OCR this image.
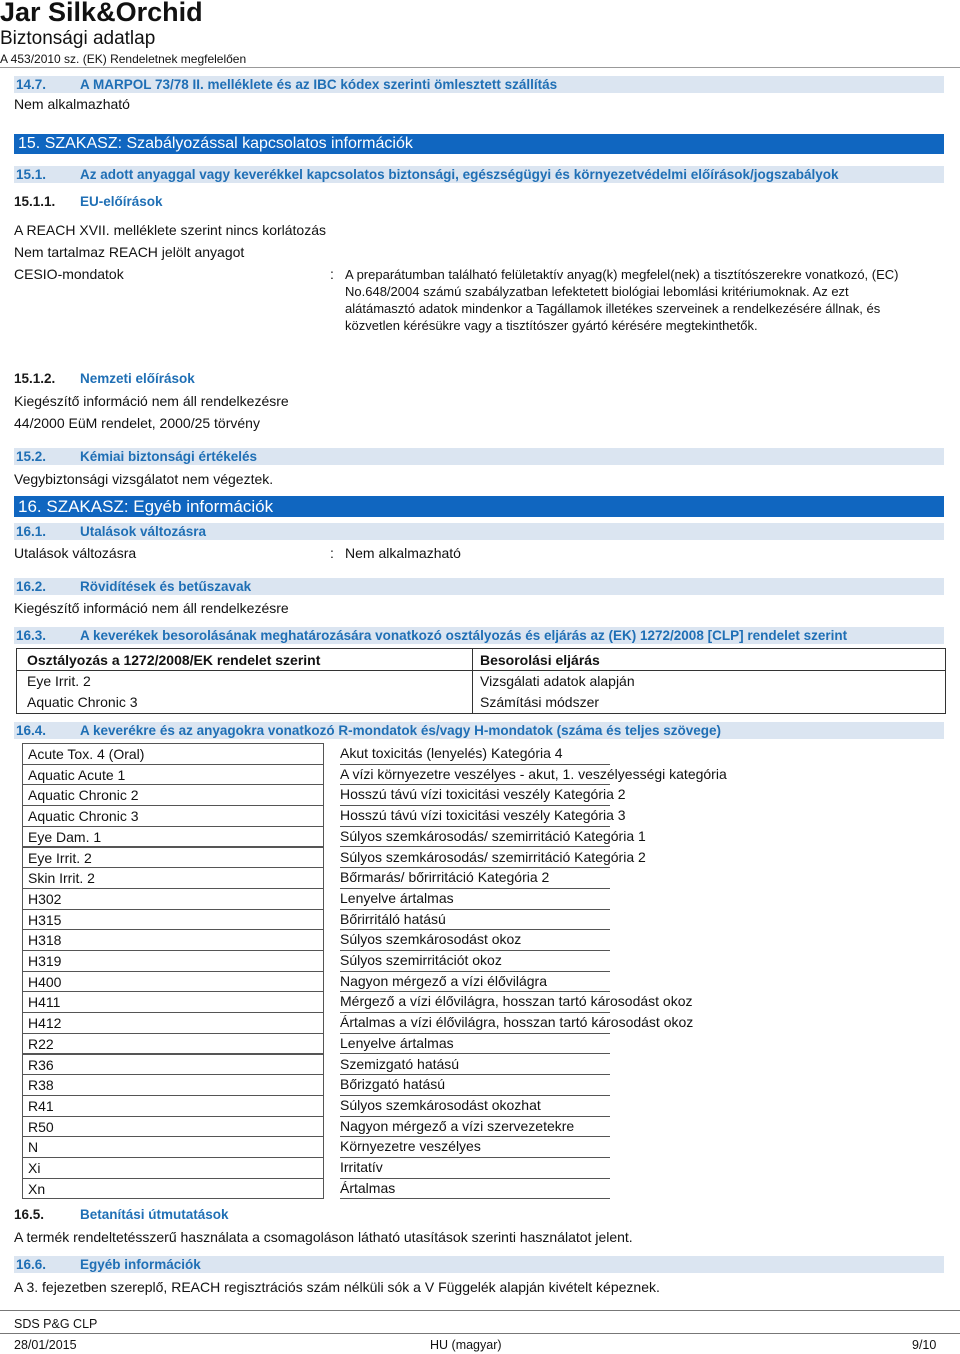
Jar Silk&Orchid
Biztonsági adatlap
A 453/2010 sz. (EK) Rendeletnek megfelelően
14.7.	A MARPOL 73/78 II. melléklete és az IBC kódex szerinti ömlesztett szállítás
Nem alkalmazható
15. SZAKASZ: Szabályozással kapcsolatos információk
15.1.	Az adott anyaggal vagy keverékkel kapcsolatos biztonsági, egészségügyi és környezetvédelmi előírások/jogszabályok
15.1.1. EU-előírások
A REACH XVII. melléklete szerint nincs korlátozás
Nem tartalmaz REACH jelölt anyagot
CESIO-mondatok	: A preparátumban található felületaktív anyag(k) megfelel(nek) a tisztítószerekre vonatkozó, (EC)
No.648/2004 számú szabályzatban lefektetett biológiai lebomlási kritériumoknak. Az ezt
alátámasztó adatok mindenkor a Tagállamok illetékes szerveinek a rendelkezésére állnak, és
közvetlen kérésükre vagy a tisztítószer gyártó kérésére megtekinthetők.
15.1.2. Nemzeti előírások
Kiegészítő információ nem áll rendelkezésre
44/2000 EüM rendelet, 2000/25 törvény
15.2.	Kémiai biztonsági értékelés
Vegybiztonsági vizsgálatot nem végeztek.
16. SZAKASZ: Egyéb információk
16.1.	Utalások változásra
Utalások változásra	: Nem alkalmazható
16.2.	Rövidítések és betűszavak
Kiegészítő információ nem áll rendelkezésre
16.3.	A keverékek besorolásának meghatározására vonatkozó osztályozás és eljárás az (EK) 1272/2008 [CLP] rendelet szerint
Osztályozás a 1272/2008/EK rendelet szerint	Besorolási eljárás
Eye Irrit. 2	Vizsgálati adatok alapján
Aquatic Chronic 3	Számítási módszer
16.4.	A keverékre és az anyagokra vonatkozó R-mondatok és/vagy H-mondatok (száma és teljes szövege)
Acute Tox. 4 (Oral)	Akut toxicitás (lenyelés) Kategória 4
Aquatic Acute 1	A vízi környezetre veszélyes - akut, 1. veszélyességi kategória
Aquatic Chronic 2	Hosszú távú vízi toxicitási veszély Kategória 2
Aquatic Chronic 3	Hosszú távú vízi toxicitási veszély Kategória 3
Eye Dam. 1	Súlyos szemkárosodás/ szemirritáció Kategória 1
Eye Irrit. 2	Súlyos szemkárosodás/ szemirritáció Kategória 2
Skin Irrit. 2	Bőrmarás/ bőrirritáció Kategória 2
H302	Lenyelve ártalmas
H315	Bőrirritáló hatású
H318	Súlyos szemkárosodást okoz
H319	Súlyos szemirritációt okoz
H400	Nagyon mérgező a vízi élővilágra
H411	Mérgező a vízi élővilágra, hosszan tartó károsodást okoz
H412	Ártalmas a vízi élővilágra, hosszan tartó károsodást okoz
R22	Lenyelve ártalmas
R36	Szemizgató hatású
R38	Bőrizgató hatású
R41	Súlyos szemkárosodást okozhat
R50	Nagyon mérgező a vízi szervezetekre
N	Környezetre veszélyes
Xi	Irritatív
Xn	Ártalmas
16.5.	Betanítási útmutatások
A termék rendeltetésszerű használata a csomagoláson látható utasítások szerinti használatot jelent.
16.6.	Egyéb információk
A 3. fejezetben szereplő, REACH regisztrációs szám nélküli sók a V Függelék alapján kivételt képeznek.
SDS P&G CLP
28/01/2015	HU (magyar)	9/10
